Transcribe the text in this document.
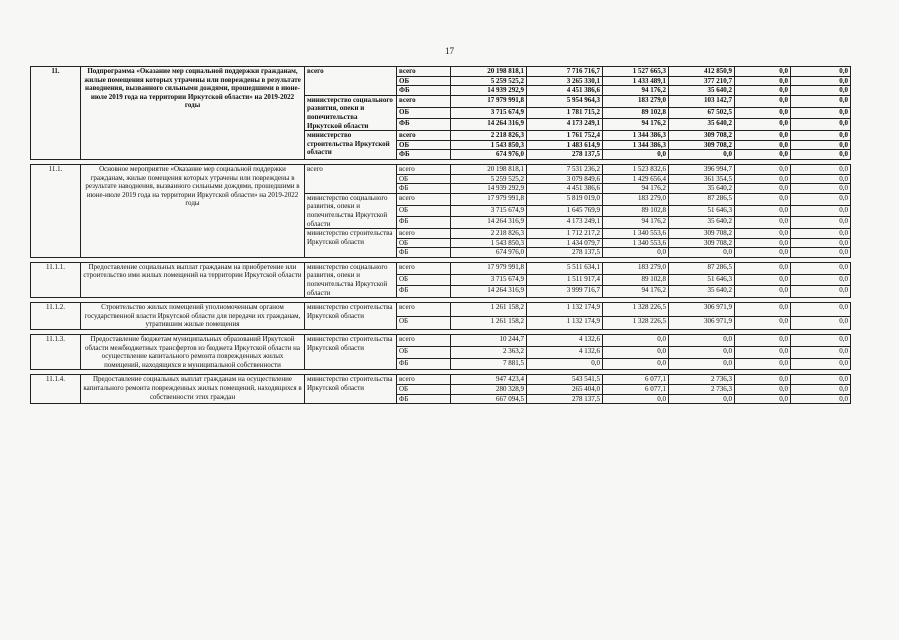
17
11.	Подпрограмма «Оказание мер социальной поддержки гражданам, жилые помещения которых утрачены или повреждены в результате наводнения, вызванного сильными дождями, прошедшими в июне-июле 2019 года на территории Иркутской области» на 2019-2022 годы	всего	всего	20 198 818,1	7 716 716,7	1 527 665,3	412 850,9	0,0	0,0
			ОБ	5 259 525,2	3 265 330,1	1 433 489,1	377 210,7	0,0	0,0
			ФБ	14 939 292,9	4 451 386,6	94 176,2	35 640,2	0,0	0,0
		министерство социального развития, опеки и попечительства Иркутской области	всего	17 979 991,8	5 954 964,3	183 279,0	103 142,7	0,0	0,0
			ОБ	3 715 674,9	1 781 715,2	89 102,8	67 502,5	0,0	0,0
			ФБ	14 264 316,9	4 173 249,1	94 176,2	35 640,2	0,0	0,0
		министерство строительства Иркутской области	всего	2 218 826,3	1 761 752,4	1 344 386,3	309 708,2	0,0	0,0
			ОБ	1 543 850,3	1 483 614,9	1 344 386,3	309 708,2	0,0	0,0
			ФБ	674 976,0	278 137,5	0,0	0,0	0,0	0,0

11.1.	Основное мероприятие «Оказание мер социальной поддержки гражданам, жилые помещения которых утрачены или повреждены в результате наводнения, вызванного сильными дождями, прошедшими в июне-июле 2019 года на территории Иркутской области» на 2019-2022 годы	всего	всего	20 198 818,1	7 531 236,2	1 523 832,6	396 994,7	0,0	0,0
			ОБ	5 259 525,2	3 079 849,6	1 429 656,4	361 354,5	0,0	0,0
			ФБ	14 939 292,9	4 451 386,6	94 176,2	35 640,2	0,0	0,0
		министерство социального развития, опеки и попечительства Иркутской области	всего	17 979 991,8	5 819 019,0	183 279,0	87 286,5	0,0	0,0
			ОБ	3 715 674,9	1 645 769,9	89 102,8	51 646,3	0,0	0,0
			ФБ	14 264 316,9	4 173 249,1	94 176,2	35 640,2	0,0	0,0
		министерство строительства Иркутской области	всего	2 218 826,3	1 712 217,2	1 340 553,6	309 708,2	0,0	0,0
			ОБ	1 543 850,3	1 434 079,7	1 340 553,6	309 708,2	0,0	0,0
			ФБ	674 976,0	278 137,5	0,0	0,0	0,0	0,0

11.1.1.	Предоставление социальных выплат гражданам на приобретение или строительство ими жилых помещений на территории Иркутской области	министерство социального развития, опеки и попечительства Иркутской области	всего	17 979 991,8	5 511 634,1	183 279,0	87 286,5	0,0	0,0
			ОБ	3 715 674,9	1 511 917,4	89 102,8	51 646,3	0,0	0,0
			ФБ	14 264 316,9	3 999 716,7	94 176,2	35 640,2	0,0	0,0

11.1.2.	Строительство жилых помещений уполномоченным органом государственной власти Иркутской области для передачи их гражданам, утратившим жилые помещения	министерство строительства Иркутской области	всего	1 261 158,2	1 132 174,9	1 328 226,5	306 971,9	0,0	0,0
			ОБ	1 261 158,2	1 132 174,9	1 328 226,5	306 971,9	0,0	0,0

11.1.3.	Предоставление бюджетам муниципальных образований Иркутской области межбюджетных трансфертов из бюджета Иркутской области на осуществление капитального ремонта поврежденных жилых помещений, находящихся в муниципальной собственности	министерство строительства Иркутской области	всего	10 244,7	4 132,6	0,0	0,0	0,0	0,0
			ОБ	2 363,2	4 132,6	0,0	0,0	0,0	0,0
			ФБ	7 881,5	0,0	0,0	0,0	0,0	0,0

11.1.4.	Предоставление социальных выплат гражданам на осуществление капитального ремонта поврежденных жилых помещений, находящихся в собственности этих граждан	министерство строительства Иркутской области	всего	947 423,4	543 541,5	6 077,1	2 736,3	0,0	0,0
			ОБ	280 328,9	265 404,0	6 077,1	2 736,3	0,0	0,0
			ФБ	667 094,5	278 137,5	0,0	0,0	0,0	0,0
